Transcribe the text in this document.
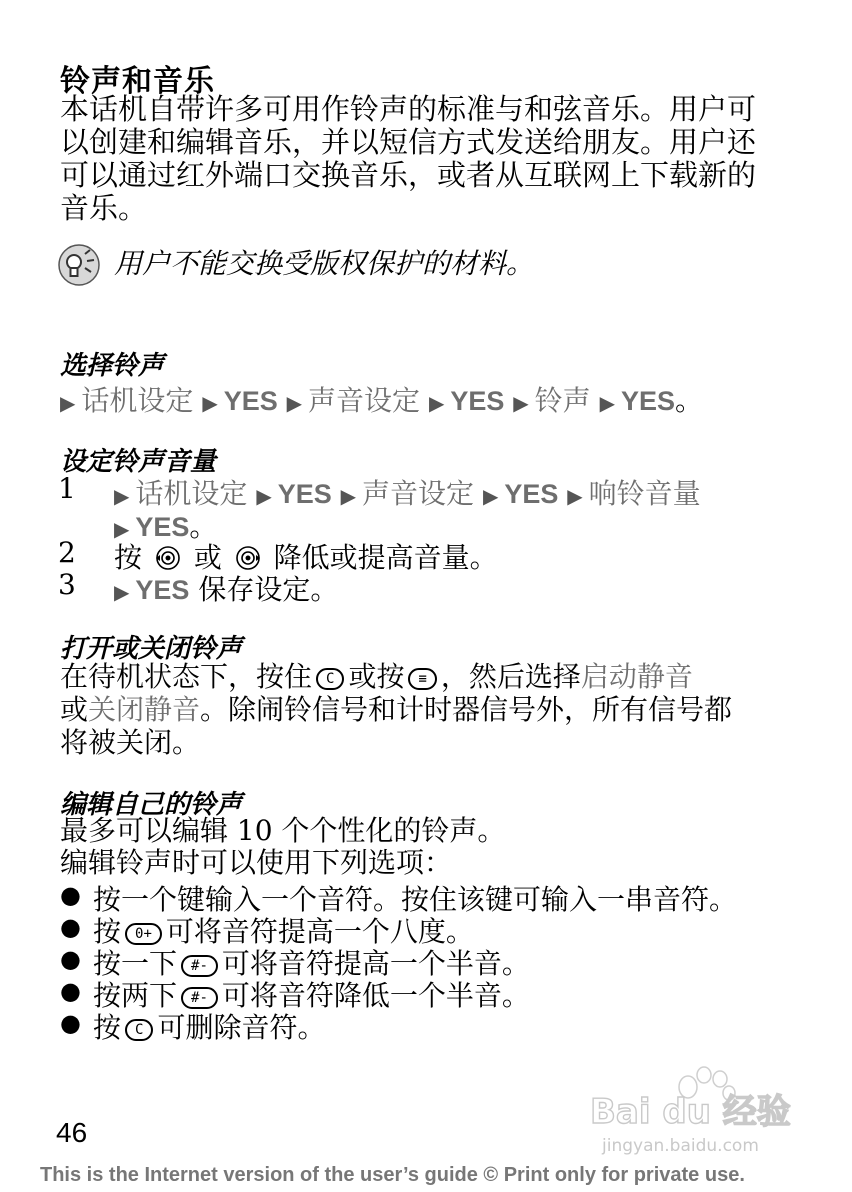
铃声和音乐
本话机自带许多可用作铃声的标准与和弦音乐。用户可
以创建和编辑音乐，并以短信方式发送给朋友。用户还
可以通过红外端口交换音乐，或者从互联网上下载新的
音乐。
用户不能交换受版权保护的材料。
选择铃声
▶ 话机设定 ▶ YES ▶ 声音设定 ▶ YES ▶ 铃声 ▶ YES。
设定铃声音量
1 ▶ 话机设定 ▶ YES ▶ 声音设定 ▶ YES ▶ 响铃音量
▶ YES。
2 按 或 降低或提高音量。
3 ▶ YES 保存设定。
打开或关闭铃声
在待机状态下，按住 C 或按 ≡ ，然后选择启动静音
或关闭静音。除闹铃信号和计时器信号外，所有信号都
将被关闭。
编辑自己的铃声
最多可以编辑 10 个个性化的铃声。
编辑铃声时可以使用下列选项：
● 按一个键输入一个音符。按住该键可输入一串音符。
● 按 0+ 可将音符提高一个八度。
● 按一下 #- 可将音符提高一个半音。
● 按两下 #- 可将音符降低一个半音。
● 按 C 可删除音符。
Bai du 经验
jingyan.baidu.com
46
This is the Internet version of the user’s guide © Print only for private use.
